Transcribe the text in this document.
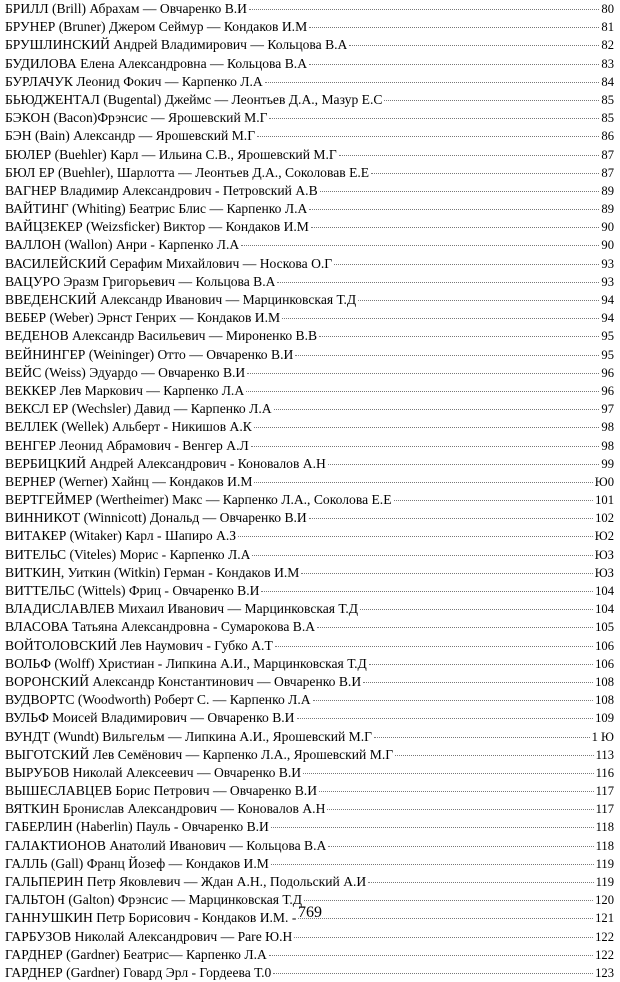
БРИЛЛ (Brill) Абрахам — Овчаренко В.И	80
БРУНЕР (Bruner) Джером Сеймур — Кондаков И.М	81
БРУШЛИНСКИЙ Андрей Владимирович — Кольцова В.А	82
БУДИЛОВА Елена Александровна — Кольцова В.А	83
БУРЛАЧУК Леонид Фокич — Карпенко Л.А	84
БЬЮДЖЕНТАЛ (Bugental) Джеймс — Леонтьев Д.А., Мазур Е.С	85
БЭКОН (Васоn)Фрэнсис — Ярошевский М.Г	85
БЭН (Bain) Александр — Ярошевский М.Г	86
БЮЛЕР (Buehler) Карл — Ильина С.В., Ярошевский М.Г	87
БЮЛ ЕР (Buehler), Шарлотта — Леонтьев Д.А., Соколовав Е.Е	87
ВАГНЕР Владимир Александрович - Петровский А.В	89
ВАЙТИНГ (Whiting) Беатрис Блис — Карпенко Л.А	89
ВАЙЦЗЕКЕР (Weizsficker) Виктор — Кондаков И.М	90
ВАЛЛОН (Wallon) Анри - Карпенко Л.А	90
ВАСИЛЕЙСКИЙ Серафим Михайлович — Носкова О.Г	93
ВАЦУРО Эразм Григорьевич — Кольцова В.А	93
ВВЕДЕНСКИЙ Александр Иванович — Марцинковская Т.Д	94
ВЕБЕР (Weber) Эрнст Генрих — Кондаков И.М	94
ВЕДЕНОВ Александр Васильевич — Мироненко В.В	95
ВЕЙНИНГЕР (Weininger) Отто — Овчаренко В.И	95
ВЕЙС (Weiss) Эдуардо — Овчаренко В.И	96
ВЕККЕР Лев Маркович — Карпенко Л.А	96
ВЕКСЛ ЕР (Wechsler) Давид — Карпенко Л.А	97
ВЕЛЛЕК (Wellek) Альберт - Никишов А.К	98
ВЕНГЕР Леонид Абрамович - Венгер А.Л	98
ВЕРБИЦКИЙ Андрей Александрович - Коновалов А.Н	99
ВЕРНЕР (Werner) Хайнц — Кондаков И.М	Ю0
ВЕРТГЕЙМЕР (Wertheimer) Макс — Карпенко Л.А., Соколова Е.Е	101
ВИННИКОТ (Winnicott) Дональд — Овчаренко В.И	102
ВИТАКЕР (Witaker) Карл - Шапиро А.З	Ю2
ВИТЕЛЬС (Viteles) Морис - Карпенко Л.А	ЮЗ
ВИТКИН, Уиткин (Witkin) Герман - Кондаков И.М	ЮЗ
ВИТТЕЛЬС (Wittels) Фриц - Овчаренко В.И	104
ВЛАДИСЛАВЛЕВ Михаил Иванович — Марцинковская Т.Д	104
ВЛАСОВА Татьяна Александровна - Сумарокова В.А	105
ВОЙТОЛОВСКИЙ Лев Наумович - Губко А.Т	106
ВОЛЬФ (Wolff) Христиан - Липкина А.И., Марцинковская Т.Д	106
ВОРОНСКИЙ Александр Константинович — Овчаренко В.И	108
ВУДВОРТС (Woodworth) Роберт С. — Карпенко Л.А	108
ВУЛЬФ Моисей Владимирович — Овчаренко В.И	109
ВУНДТ (Wundt) Вильгельм — Липкина А.И., Ярошевский М.Г	1 Ю
ВЫГОТСКИЙ Лев Семёнович — Карпенко Л.А., Ярошевский М.Г	113
ВЫРУБОВ Николай Алексеевич — Овчаренко В.И	116
ВЫШЕСЛАВЦЕВ Борис Петрович — Овчаренко В.И	117
ВЯТКИН Бронислав Александрович — Коновалов А.Н	117
ГАБЕРЛИН (Haberlin) Пауль - Овчаренко В.И	118
ГАЛАКТИОНОВ Анатолий Иванович — Кольцова В.А	118
ГАЛЛЬ (Gall) Франц Йозеф — Кондаков И.М	119
ГАЛЬПЕРИН Петр Яковлевич — Ждан А.Н., Подольский А.И	119
ГАЛЬТОН (Galton) Фрэнсис — Марцинковская Т.Д	120
ГАННУШКИН Петр Борисович - Кондаков И.М. -	121
ГАРБУЗОВ Николай Александрович — Pare Ю.Н	122
ГАРДНЕР (Gardner) Беатрис— Карпенко Л.А	122
ГАРДНЕР (Gardner) Говард Эрл - Гордеева Т.0	123
769
